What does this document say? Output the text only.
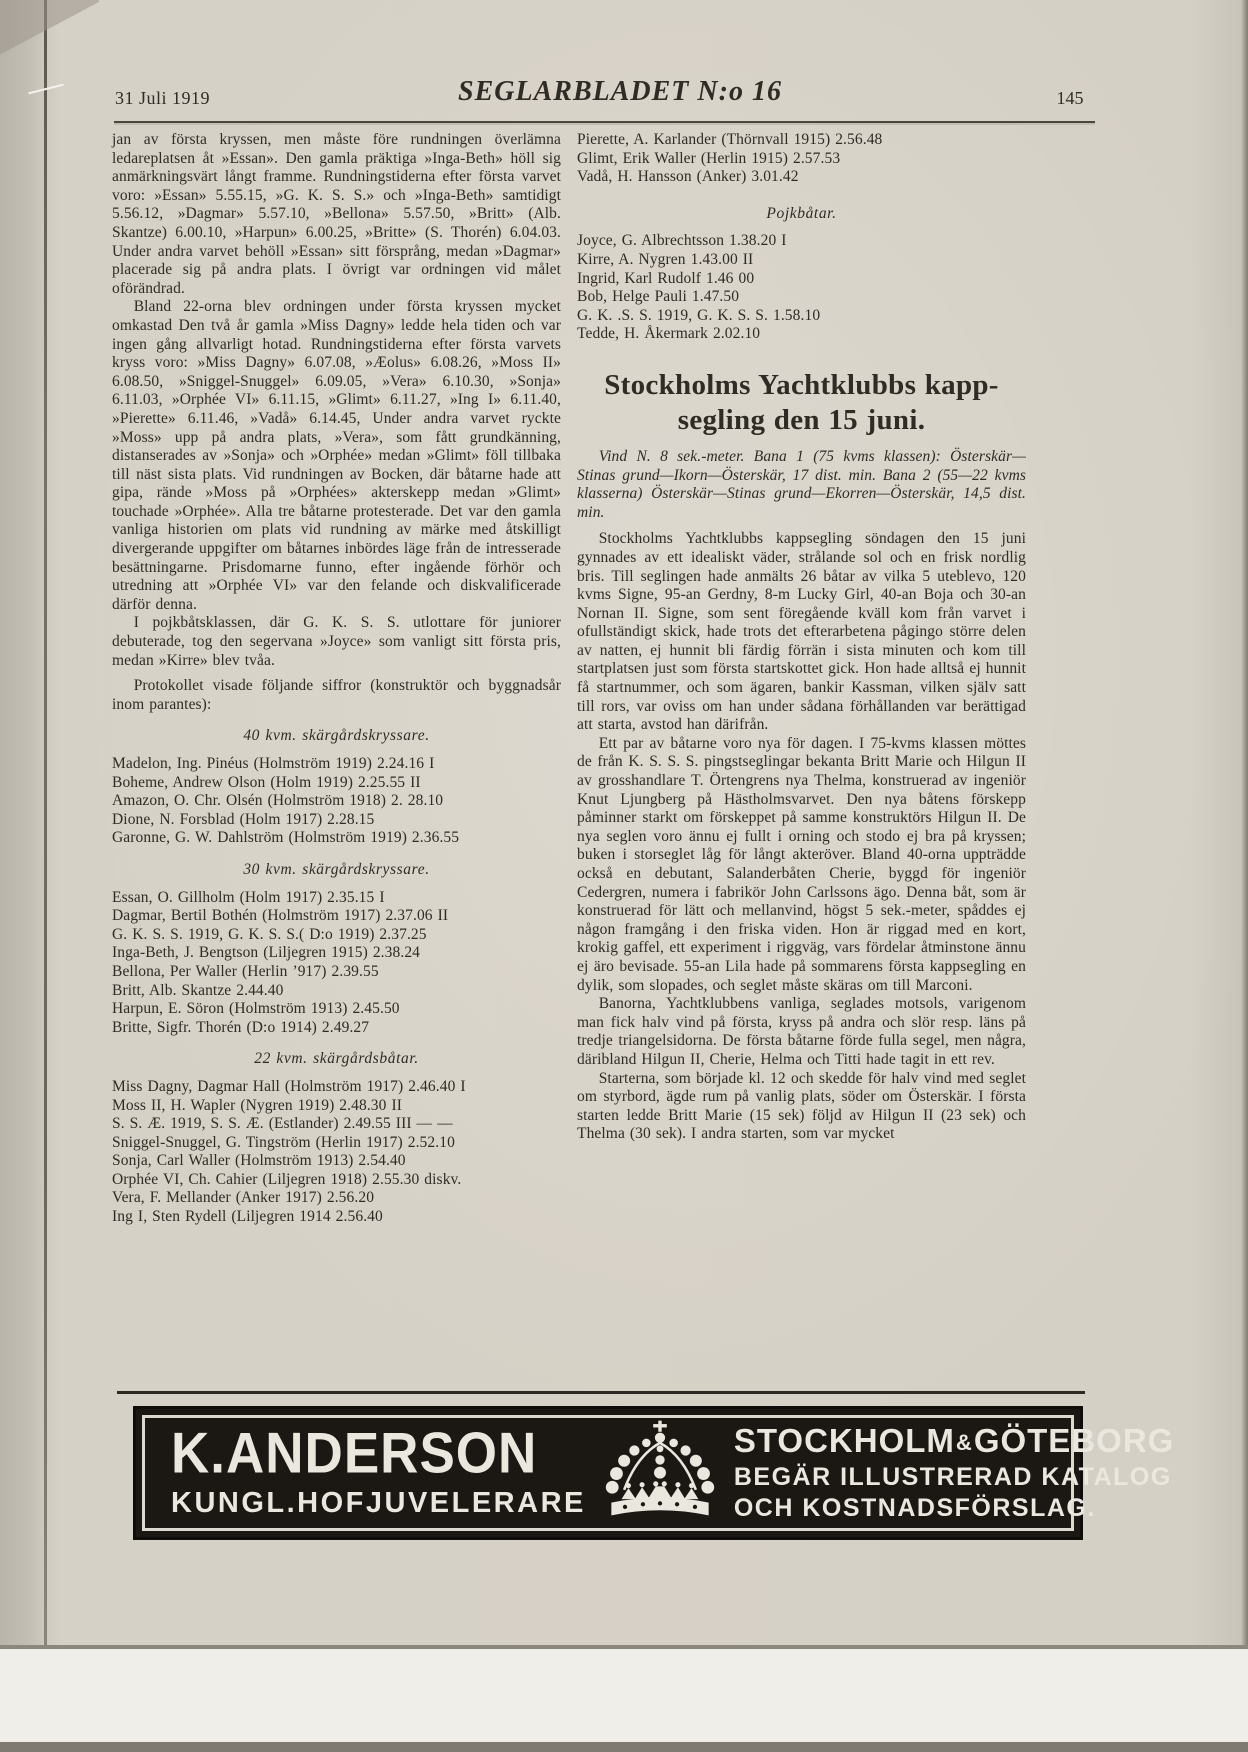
31 Juli 1919	SEGLARBLADET N:o 16	145

jan av första kryssen, men måste före rundningen överlämna ledareplatsen åt »Essan». Den gamla präktiga »Inga-Beth» höll sig anmärkningsvärt långt framme. Rundningstiderna efter första varvet voro: »Essan» 5.55.15, »G. K. S. S.» och »Inga-Beth» samtidigt 5.56.12, »Dagmar» 5.57.10, »Bellona» 5.57.50, »Britt» (Alb. Skantze) 6.00.10, »Harpun» 6.00.25, »Britte» (S. Thorén) 6.04.03. Under andra varvet behöll »Essan» sitt försprång, medan »Dagmar» placerade sig på andra plats. I övrigt var ordningen vid målet oförändrad.

Bland 22-orna blev ordningen under första kryssen mycket omkastad Den två år gamla »Miss Dagny» ledde hela tiden och var ingen gång allvarligt hotad. Rundningstiderna efter första varvets kryss voro: »Miss Dagny» 6.07.08, »Æolus» 6.08.26, »Moss II» 6.08.50, »Sniggel-Snuggel» 6.09.05, »Vera» 6.10.30, »Sonja» 6.11.03, »Orphée VI» 6.11.15, »Glimt» 6.11.27, »Ing I» 6.11.40, »Pierette» 6.11.46, »Vadå» 6.14.45, Under andra varvet ryckte »Moss» upp på andra plats, »Vera», som fått grundkänning, distanserades av »Sonja» och »Orphée» medan »Glimt» föll tillbaka till näst sista plats. Vid rundningen av Bocken, där båtarne hade att gipa, rände »Moss på »Orphées» akterskepp medan »Glimt» touchade »Orphée». Alla tre båtarne protesterade. Det var den gamla vanliga historien om plats vid rundning av märke med åtskilligt divergerande uppgifter om båtarnes inbördes läge från de intresserade besättningarne. Prisdomarne funno, efter ingående förhör och utredning att »Orphée VI» var den felande och diskvalificerade därför denna.

I pojkbåtsklassen, där G. K. S. S. utlottare för juniorer debuterade, tog den segervana »Joyce» som vanligt sitt första pris, medan »Kirre» blev tvåa.

Protokollet visade följande siffror (konstruktör och byggnadsår inom parantes):

40 kvm. skärgårdskryssare.
Madelon, Ing. Pinéus (Holmström 1919) 2.24.16 I
Boheme, Andrew Olson (Holm 1919) 2.25.55 II
Amazon, O. Chr. Olsén (Holmström 1918) 2. 28.10
Dione, N. Forsblad (Holm 1917) 2.28.15
Garonne, G. W. Dahlström (Holmström 1919) 2.36.55
30 kvm. skärgårdskryssare.
Essan, O. Gillholm (Holm 1917) 2.35.15 I
Dagmar, Bertil Bothén (Holmström 1917) 2.37.06 II
G. K. S. S. 1919, G. K. S. S.( D:o 1919) 2.37.25
Inga-Beth, J. Bengtson (Liljegren 1915) 2.38.24
Bellona, Per Waller (Herlin ’917) 2.39.55
Britt, Alb. Skantze 2.44.40
Harpun, E. Söron (Holmström 1913) 2.45.50
Britte, Sigfr. Thorén (D:o 1914) 2.49.27
22 kvm. skärgårdsbåtar.
Miss Dagny, Dagmar Hall (Holmström 1917) 2.46.40 I
Moss II, H. Wapler (Nygren 1919) 2.48.30 II
S. S. Æ. 1919, S. S. Æ. (Estlander) 2.49.55 III — —
Sniggel-Snuggel, G. Tingström (Herlin 1917) 2.52.10
Sonja, Carl Waller (Holmström 1913) 2.54.40
Orphée VI, Ch. Cahier (Liljegren 1918) 2.55.30 diskv.
Vera, F. Mellander (Anker 1917) 2.56.20
Ing I, Sten Rydell (Liljegren 1914 2.56.40
Pierette, A. Karlander (Thörnvall 1915) 2.56.48
Glimt, Erik Waller (Herlin 1915) 2.57.53
Vadå, H. Hansson (Anker) 3.01.42
Pojkbåtar.
Joyce, G. Albrechtsson 1.38.20 I
Kirre, A. Nygren 1.43.00 II
Ingrid, Karl Rudolf 1.46 00
Bob, Helge Pauli 1.47.50
G. K. .S. S. 1919, G. K. S. S. 1.58.10
Tedde, H. Åkermark 2.02.10
Stockholms Yachtklubbs kapp-
segling den 15 juni.

Vind N. 8 sek.-meter. Bana 1 (75 kvms klassen): Österskär—Stinas grund—Ikorn—Österskär, 17 dist. min. Bana 2 (55—22 kvms klasserna) Österskär—Stinas grund—Ekorren—Österskär, 14,5 dist. min.

Stockholms Yachtklubbs kappsegling söndagen den 15 juni gynnades av ett idealiskt väder, strålande sol och en frisk nordlig bris. Till seglingen hade anmälts 26 båtar av vilka 5 uteblevo, 120 kvms Signe, 95-an Gerdny, 8-m Lucky Girl, 40-an Boja och 30-an Nornan II. Signe, som sent föregående kväll kom från varvet i ofullständigt skick, hade trots det efterarbetena pågingo större delen av natten, ej hunnit bli färdig förrän i sista minuten och kom till startplatsen just som första startskottet gick. Hon hade alltså ej hunnit få startnummer, och som ägaren, bankir Kassman, vilken själv satt till rors, var oviss om han under sådana förhållanden var berättigad att starta, avstod han därifrån.

Ett par av båtarne voro nya för dagen. I 75-kvms klassen möttes de från K. S. S. S. pingstseglingar bekanta Britt Marie och Hilgun II av grosshandlare T. Örtengrens nya Thelma, konstruerad av ingeniör Knut Ljungberg på Hästholmsvarvet. Den nya båtens förskepp påminner starkt om förskeppet på samme konstruktörs Hilgun II. De nya seglen voro ännu ej fullt i orning och stodo ej bra på kryssen; buken i storseglet låg för långt akteröver. Bland 40-orna uppträdde också en debutant, Salanderbåten Cherie, byggd för ingeniör Cedergren, numera i fabrikör John Carlssons ägo. Denna båt, som är konstruerad för lätt och mellanvind, högst 5 sek.-meter, spåddes ej någon framgång i den friska viden. Hon är riggad med en kort, krokig gaffel, ett experiment i riggväg, vars fördelar åtminstone ännu ej äro bevisade. 55-an Lila hade på sommarens första kappsegling en dylik, som slopades, och seglet måste skäras om till Marconi.

Banorna, Yachtklubbens vanliga, seglades motsols, varigenom man fick halv vind på första, kryss på andra och slör resp. läns på tredje triangelsidorna. De första båtarne förde fulla segel, men några, däribland Hilgun II, Cherie, Helma och Titti hade tagit in ett rev.

Starterna, som började kl. 12 och skedde för halv vind med seglet om styrbord, ägde rum på vanlig plats, söder om Österskär. I första starten ledde Britt Marie (15 sek) följd av Hilgun II (23 sek) och Thelma (30 sek). I andra starten, som var mycket

K.ANDERSON
KUNGL.HOFJUVELERARE
STOCKHOLM&GÖTEBORG
BEGÄR ILLUSTRERAD KATALOG
OCH KOSTNADSFÖRSLAG.
